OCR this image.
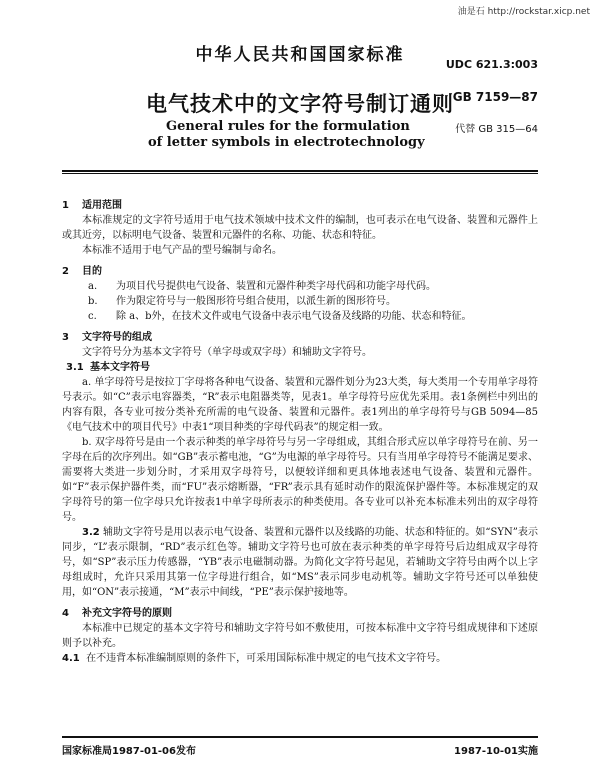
油是石 http://rockstar.xicp.net
中华人民共和国国家标准	UDC 621.3:003
电气技术中的文字符号制订通则
GB 7159—87
General rules for the formulation
of letter symbols in electrotechnology
代替 GB 315—64
1 适用范围

本标准规定的文字符号适用于电气技术领域中技术文件的编制，也可表示在电气设备、装置和元器件上或其近旁，以标明电气设备、装置和元器件的名称、功能、状态和特征。

本标准不适用于电气产品的型号编制与命名。

2 目的

a. 为项目代号提供电气设备、装置和元器件种类字母代码和功能字母代码。

b. 作为限定符号与一般图形符号组合使用，以派生新的图形符号。

c. 除 a、b外，在技术文件或电气设备中表示电气设备及线路的功能、状态和特征。

3 文字符号的组成

文字符号分为基本文字符号（单字母或双字母）和辅助文字符号。

3.1 基本文字符号

a. 单字母符号是按拉丁字母将各种电气设备、装置和元器件划分为23大类，每大类用一个专用单字母符号表示。如“C”表示电容器类，“R”表示电阻器类等，见表1。单字母符号应优先采用。表1条例栏中列出的内容有限，各专业可按分类补充所需的电气设备、装置和元器件。表1列出的单字母符号与GB 5094—85《电气技术中的项目代号》中表1“项目种类的字母代码表”的规定相一致。

b. 双字母符号是由一个表示种类的单字母符号与另一字母组成，其组合形式应以单字母符号在前、另一字母在后的次序列出。如“GB”表示蓄电池，“G”为电源的单字母符号。只有当用单字母符号不能满足要求、需要将大类进一步划分时，才采用双字母符号，以便较详细和更具体地表述电气设备、装置和元器件。如“F”表示保护器件类，而“FU”表示熔断器，“FR”表示具有延时动作的限流保护器件等。本标准规定的双字母符号的第一位字母只允许按表1中单字母所表示的种类使用。各专业可以补充本标准未列出的双字母符号。

3.2 辅助文字符号是用以表示电气设备、装置和元器件以及线路的功能、状态和特征的。如“SYN”表示同步，“L”表示限制，“RD”表示红色等。辅助文字符号也可放在表示种类的单字母符号后边组成双字母符号，如“SP”表示压力传感器，“YB”表示电磁制动器。为简化文字符号起见，若辅助文字符号由两个以上字母组成时，允许只采用其第一位字母进行组合，如“MS”表示同步电动机等。辅助文字符号还可以单独使用，如“ON”表示接通，“M”表示中间线，“PE”表示保护接地等。

4 补充文字符号的原则

本标准中已规定的基本文字符号和辅助文字符号如不敷使用，可按本标准中文字符号组成规律和下述原则予以补充。

4.1 在不违背本标准编制原则的条件下，可采用国际标准中规定的电气技术文字符号。

国家标准局1987-01-06发布	1987-10-01实施
